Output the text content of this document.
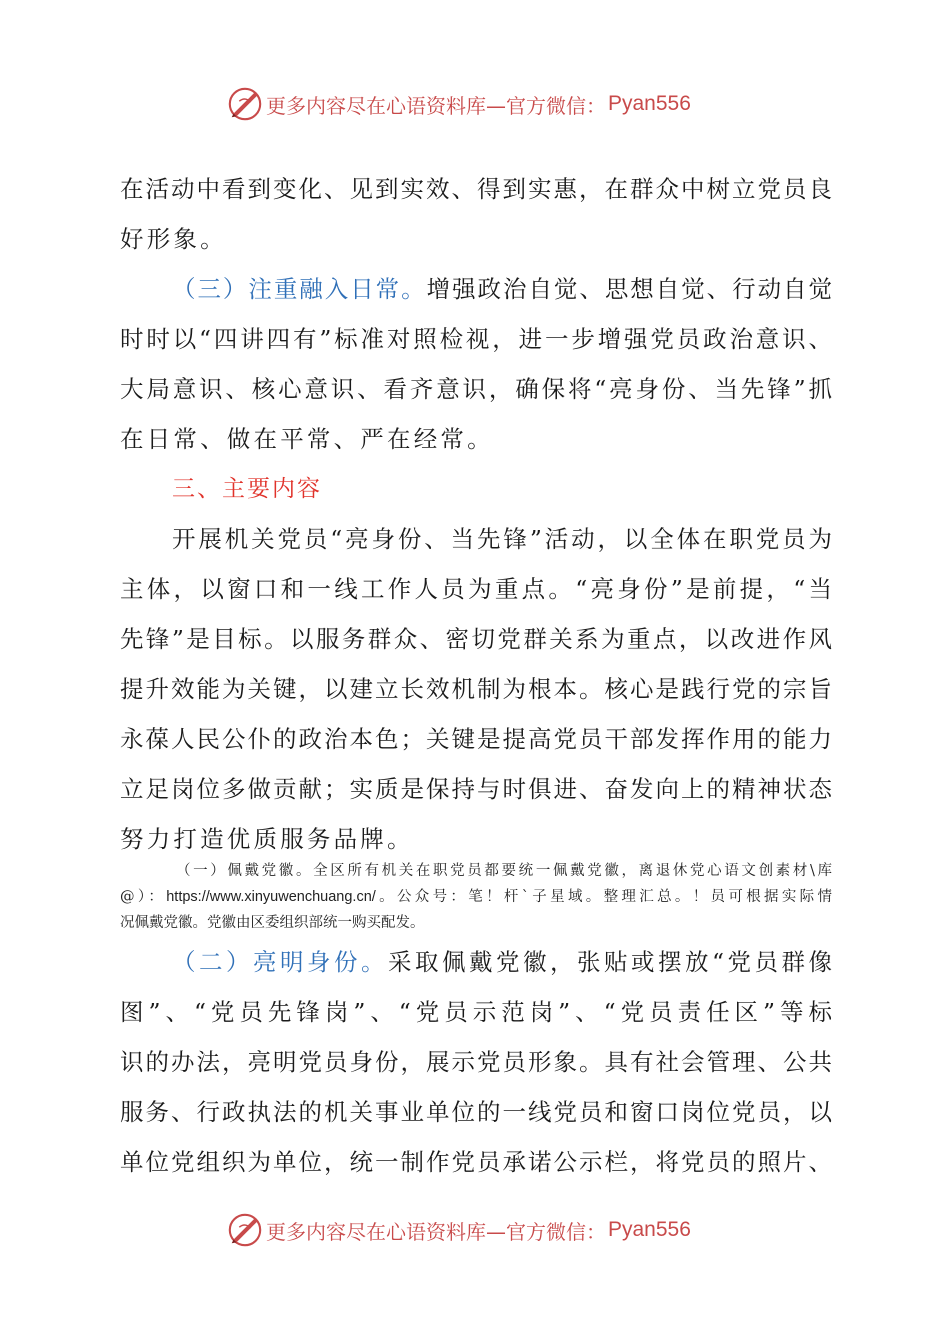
更多内容尽在心语资料库—官方微信： Pyan556
在活动中看到变化、见到实效、得到实惠，在群众中树立党员良
好形象。
（三）注重融入日常。增强政治自觉、思想自觉、行动自觉
时时以“四讲四有”标准对照检视，进一步增强党员政治意识、
大局意识、核心意识、看齐意识，确保将“亮身份、当先锋”抓
在日常、做在平常、严在经常。
三、主要内容
开展机关党员“亮身份、当先锋”活动，以全体在职党员为
主体，以窗口和一线工作人员为重点。“亮身份”是前提，“当
先锋”是目标。以服务群众、密切党群关系为重点，以改进作风
提升效能为关键，以建立长效机制为根本。核心是践行党的宗旨
永葆人民公仆的政治本色；关键是提高党员干部发挥作用的能力
立足岗位多做贡献；实质是保持与时俱进、奋发向上的精神状态
努力打造优质服务品牌。
（一）佩戴党徽。全区所有机关在职党员都要统一佩戴党徽，离退休党心语文创素材\库
@）：https://www.xinyuwenchuang.cn/。公众号：笔！杆`子星域。整理汇总。！员可根据实际情
况佩戴党徽。党徽由区委组织部统一购买配发。
（二）亮明身份。采取佩戴党徽，张贴或摆放“党员群像
图”、“党员先锋岗”、“党员示范岗”、“党员责任区”等标
识的办法，亮明党员身份，展示党员形象。具有社会管理、公共
服务、行政执法的机关事业单位的一线党员和窗口岗位党员，以
单位党组织为单位，统一制作党员承诺公示栏，将党员的照片、
更多内容尽在心语资料库—官方微信： Pyan556
